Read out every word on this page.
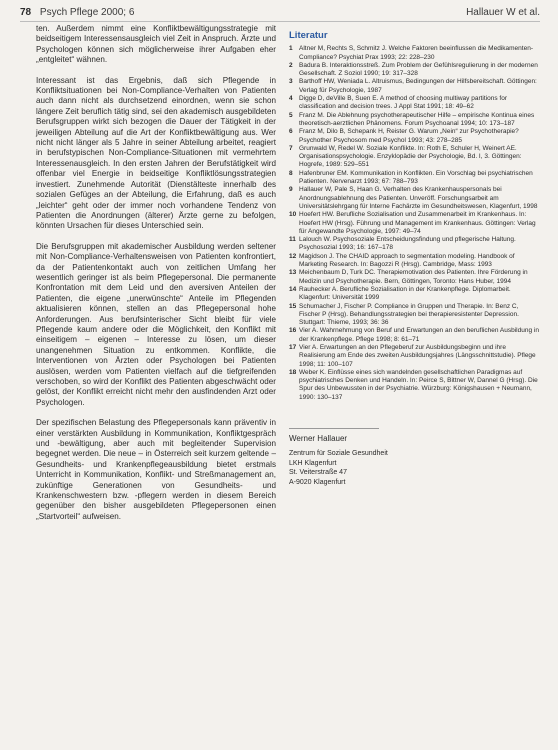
78 Psych Pflege 2000; 6	Hallauer W et al.

ten. Außerdem nimmt eine Konfliktbewältigungsstrategie mit beidseitigem Interessensausgleich viel Zeit in Anspruch. Ärzte und Psychologen können sich möglicherweise ihrer Aufgaben eher „entgleitet“ wähnen.

Interessant ist das Ergebnis, daß sich Pflegende in Konfliktsituationen bei Non-Compliance-Verhalten von Patienten auch dann nicht als durchsetzend einordnen, wenn sie schon längere Zeit beruflich tätig sind, sei den akademisch ausgebildeten Berufsgruppen wirkt sich bezogen die Dauer der Tätigkeit in der jeweiligen Abteilung auf die Art der Konfliktbewältigung aus. Wer nicht nicht länger als 5 Jahre in seiner Abteilung arbeitet, reagiert in berufstypischen Non-Compliance-Situationen mit vermehrtem Interessenausgleich. In den ersten Jahren der Berufstätigkeit wird offenbar viel Energie in beidseitige Konfliktlösungsstrategien investiert. Zunehmende Autorität (Dienstälteste innerhalb des sozialen Gefüges an der Abteilung, die Erfahrung, daß es auch „leichter“ geht oder der immer noch vorhandene Tendenz von Patienten die Anordnungen (älterer) Ärzte gerne zu befolgen, könnten Ursachen für dieses Unterschied sein.

Die Berufsgruppen mit akademischer Ausbildung werden seltener mit Non-Compliance-Verhaltensweisen von Patienten konfrontiert, da der Patientenkontakt auch von zeitlichen Umfang her wesentlich geringer ist als beim Pflegepersonal. Die permanente Konfrontation mit dem Leid und den aversiven Anteilen der Patienten, die eigene „unerwünschte“ Anteile im Pflegenden aktualisieren können, stellen an das Pflegepersonal hohe Anforderungen. Aus berufsinterischer Sicht bleibt für viele Pflegende kaum andere oder die Möglichkeit, den Konflikt mit einseitigem – eigenen – Interesse zu lösen, um dieser unangenehmen Situation zu entkommen. Konflikte, die Interventionen von Ärzten oder Psychologen bei Patienten auslösen, werden vom Patienten vielfach auf die tiefgreifenden verschoben, so wird der Konflikt des Patienten abgeschwächt oder gelöst, der Konflikt erreicht nicht mehr den ausfindenden Arzt oder Psychologen.

Der spezifischen Belastung des Pflegepersonals kann präventiv in einer verstärkten Ausbildung in Kommunikation, Konfliktgespräch und -bewältigung, aber auch mit begleitender Supervision begegnet werden. Die neue – in Österreich seit kurzem geltende – Gesundheits- und Krankenpflegeausbildung bietet erstmals Unterricht in Kommunikation, Konflikt- und Streßmanagement an, zukünftige Generationen von Gesundheits- und Krankenschwestern bzw. -pflegern werden in diesem Bereich gegenüber den bisher ausgebildeten Pflegepersonen einen „Startvorteil“ aufweisen.

Literatur
1 Altner M, Rechts S, Schmitz J. Welche Faktoren beeinflussen die Medikamenten-Compliance? Psychiat Prax 1993; 22: 228–230
2 Badura B. Interaktionsstreß. Zum Problem der Gefühlsregulierung in der modernen Gesellschaft. Z Soziol 1990; 19: 317–328
3 Barthoff HW, Weniada L. Altruismus, Bedingungen der Hilfsbereitschaft. Göttingen: Verlag für Psychologie, 1987
4 Digge D, deVille B, Suen E. A method of choosing multiway partitions for classification and decision trees. J Appl Stat 1991; 18: 49–62
5 Franz M. Die Ablehnung psychotherapeutischer Hilfe – empirische Kontinua eines theoretisch-aerztlichen Phänomens. Forum Psychoanal 1994; 10: 173–187
6 Franz M, Dilo B, Schepank H, Reister G. Warum „Nein“ zur Psychotherapie? Psychother Psychosom med Psychol 1993; 43: 278–285
7 Grunwald W, Redel W. Soziale Konflikte. In: Roth E, Schuler H, Weinert AE. Organisationspsychologie. Enzyklopädie der Psychologie, Bd. I, 3. Göttingen: Hogrefe, 1989: 529–551
8 Hafenbruner EM. Kommunikation in Konflikten. Ein Vorschlag bei psychiatrischen Patienten. Nervenarzt 1993; 67: 788–793
9 Hallauer W, Pale S, Haan G. Verhalten des Krankenhauspersonals bei Anordnungsablehnung des Patienten. Unveröff. Forschungsarbeit am Universitätslehrgang für Interne Fachärzte im Gesundheitswesen, Klagenfurt, 1998
10 Hoefert HW. Berufliche Sozialisation und Zusammenarbeit im Krankenhaus. In: Hoefert HW (Hrsg). Führung und Management im Krankenhaus. Göttingen: Verlag für Angewandte Psychologie, 1997: 49–74
11 Lalouch W. Psychosoziale Entscheidungsfindung und pflegerische Haltung. Psychosozial 1993; 16: 167–178
12 Magidson J. The CHAID approach to segmentation modeling. Handbook of Marketing Research. In: Bagozzi R (Hrsg). Cambridge, Mass: 1993
13 Meichenbaum D, Turk DC. Therapiemotivation des Patienten. Ihre Förderung in Medizin und Psychotherapie. Bern, Göttingen, Toronto: Hans Huber, 1994
14 Rauhecker A. Berufliche Sozialisation in der Krankenpflege. Diplomarbeit. Klagenfurt: Universität 1999
15 Schumacher J, Fischer P. Compliance in Gruppen und Therapie. In: Benz C, Fischer P (Hrsg). Behandlungsstrategien bei therapieresistenter Depression. Stuttgart: Thieme, 1993; 36: 36
16 Vier A. Wahrnehmung von Beruf und Erwartungen an den beruflichen Ausbildung in der Krankenpflege. Pflege 1998; 8: 61–71
17 Vier A. Erwartungen an den Pflegeberuf zur Ausbildungsbeginn und ihre Realisierung am Ende des zweiten Ausbildungsjahres (Längsschnittstudie). Pflege 1998; 11: 100–107
18 Weber K. Einflüsse eines sich wandelnden gesellschaftlichen Paradigmas auf psychiatrisches Denken und Handeln. In: Peirce S, Bittner W, Dannel G (Hrsg). Die Spur des Unbewussten in der Psychiatrie. Würzburg: Königshausen + Neumann, 1990: 130–137
Werner Hallauer
Zentrum für Soziale Gesundheit
LKH Klagenfurt
St. Veiterstraße 47
A-9020 Klagenfurt
